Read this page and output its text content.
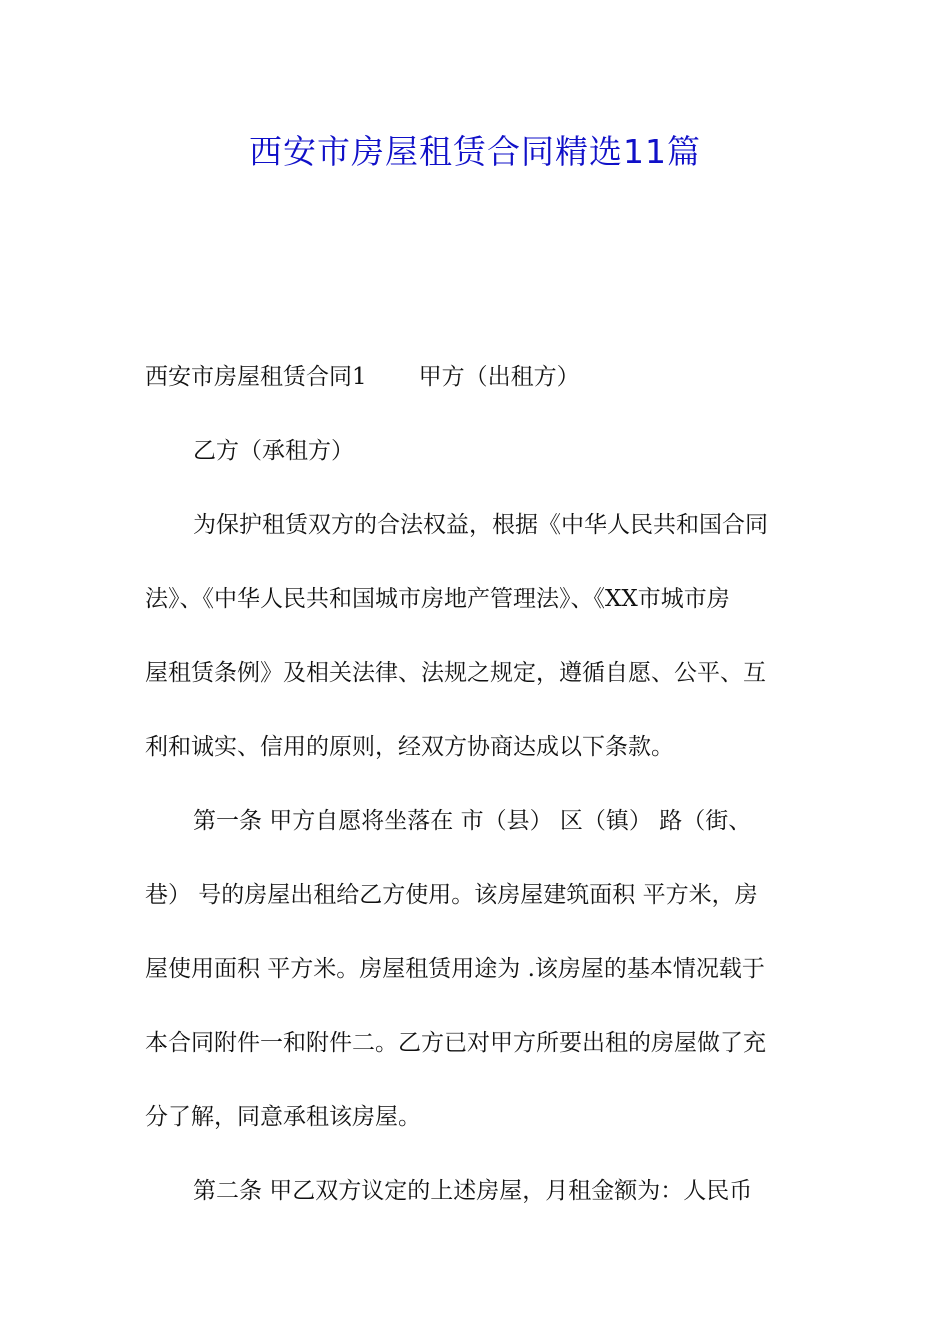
西安市房屋租赁合同精选11篇
西安市房屋租赁合同1 甲方（出租方）
乙方（承租方）
为保护租赁双方的合法权益，根据《中华人民共和国合同
法》、《中华人民共和国城市房地产管理法》、《XX市城市房
屋租赁条例》及相关法律、法规之规定，遵循自愿、公平、互
利和诚实、信用的原则，经双方协商达成以下条款。
第一条 甲方自愿将坐落在 市（县） 区（镇） 路（街、
巷） 号的房屋出租给乙方使用。该房屋建筑面积 平方米，房
屋使用面积 平方米。房屋租赁用途为 .该房屋的基本情况载于
本合同附件一和附件二。乙方已对甲方所要出租的房屋做了充
分了解，同意承租该房屋。
第二条 甲乙双方议定的上述房屋，月租金额为：人民币
